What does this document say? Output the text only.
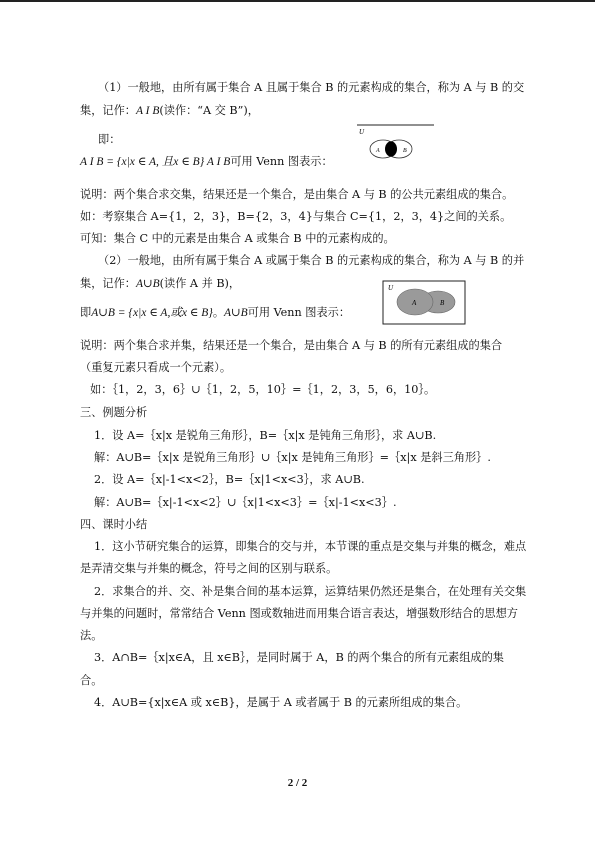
（1）一般地，由所有属于集合 A 且属于集合 B 的元素构成的集合，称为 A 与 B 的交
集，记作：A I B(读作：“A 交 B”)，
即：
A I B = {x|x ∈ A, 且x ∈ B} A I B可用 Venn 图表示：
U
A	B
说明：两个集合求交集，结果还是一个集合，是由集合 A 与 B 的公共元素组成的集合。
如：考察集合 A={1，2，3}，B={2，3，4}与集合 C={1，2，3，4}之间的关系。
可知：集合 C 中的元素是由集合 A 或集合 B 中的元素构成的。
（2）一般地，由所有属于集合 A 或属于集合 B 的元素构成的集合，称为 A 与 B 的并
集，记作：A∪B(读作 A 并 B)，
即A∪B = {x|x ∈ A,或x ∈ B}。A∪B可用 Venn 图表示：
U
A	B
说明：两个集合求并集，结果还是一个集合，是由集合 A 与 B 的所有元素组成的集合
（重复元素只看成一个元素）。
如：｛1，2，3，6｝∪｛1，2，5，10｝=｛1，2，3，5，6，10｝。
三、例题分析
1．设 A=｛x|x 是锐角三角形｝，B=｛x|x 是钝角三角形｝，求 A∪B.
解：A∪B=｛x|x 是锐角三角形｝∪｛x|x 是钝角三角形｝=｛x|x 是斜三角形｝.
2．设 A=｛x|-1<x<2｝，B=｛x|1<x<3｝，求 A∪B.
解：A∪B=｛x|-1<x<2｝∪｛x|1<x<3｝=｛x|-1<x<3｝.
四、课时小结
1．这小节研究集合的运算，即集合的交与并，本节课的重点是交集与并集的概念，难点
是弄清交集与并集的概念，符号之间的区别与联系。
2．求集合的并、交、补是集合间的基本运算，运算结果仍然还是集合，在处理有关交集
与并集的问题时，常常结合 Venn 图或数轴进而用集合语言表达，增强数形结合的思想方
法。
3．A∩B=｛x|x∈A，且 x∈B｝，是同时属于 A，B 的两个集合的所有元素组成的集
合。
4．A∪B={x|x∈A 或 x∈B}，是属于 A 或者属于 B 的元素所组成的集合。
2 / 2
